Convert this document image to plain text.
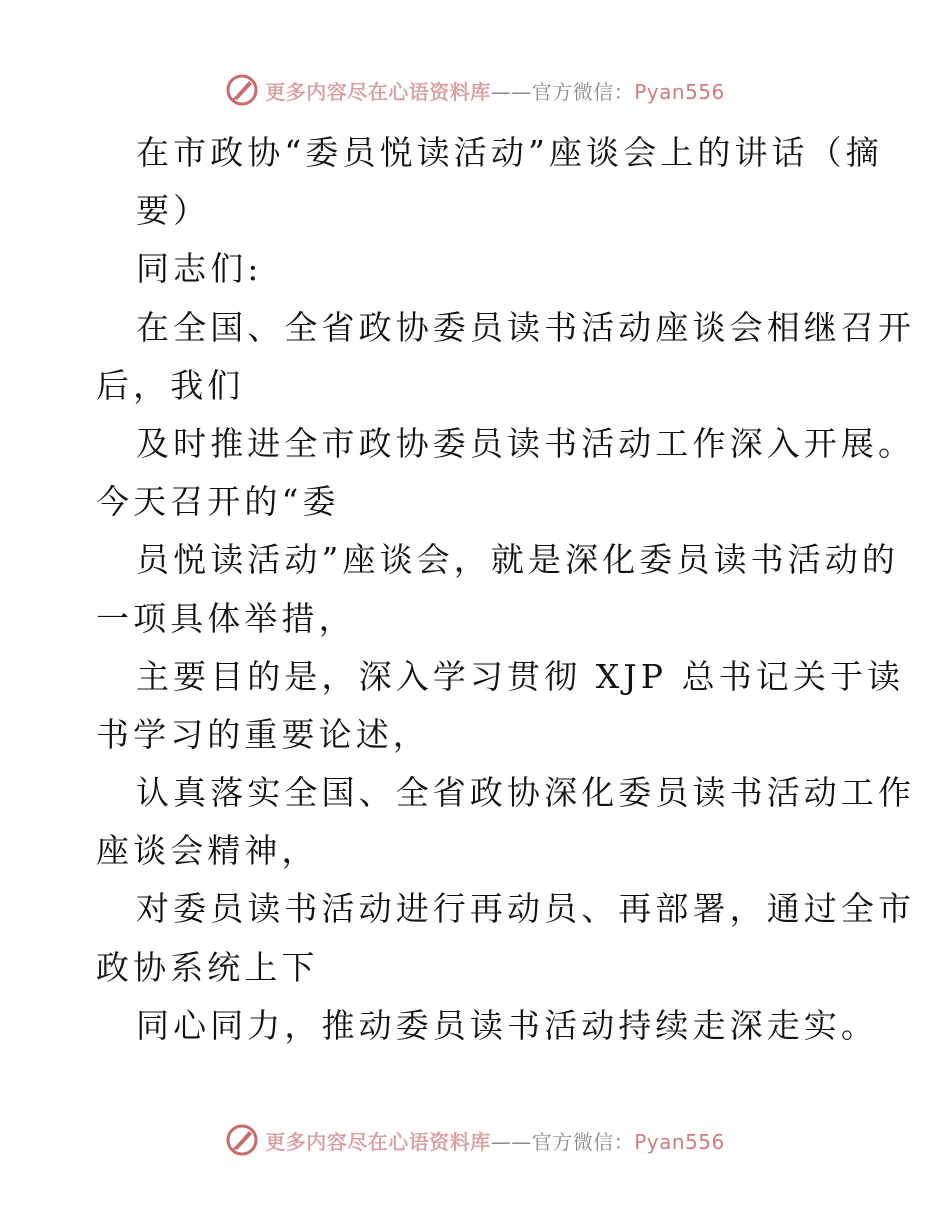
更多内容尽在心语资料库——官方微信：Pyan556
在市政协“委员悦读活动”座谈会上的讲话（摘
要）
同志们:
在全国、全省政协委员读书活动座谈会相继召开
后，我们
及时推进全市政协委员读书活动工作深入开展。
今天召开的“委
员悦读活动”座谈会，就是深化委员读书活动的
一项具体举措，
主要目的是，深入学习贯彻 XJP 总书记关于读
书学习的重要论述，
认真落实全国、全省政协深化委员读书活动工作
座谈会精神，
对委员读书活动进行再动员、再部署，通过全市
政协系统上下
同心同力，推动委员读书活动持续走深走实。
更多内容尽在心语资料库——官方微信：Pyan556
